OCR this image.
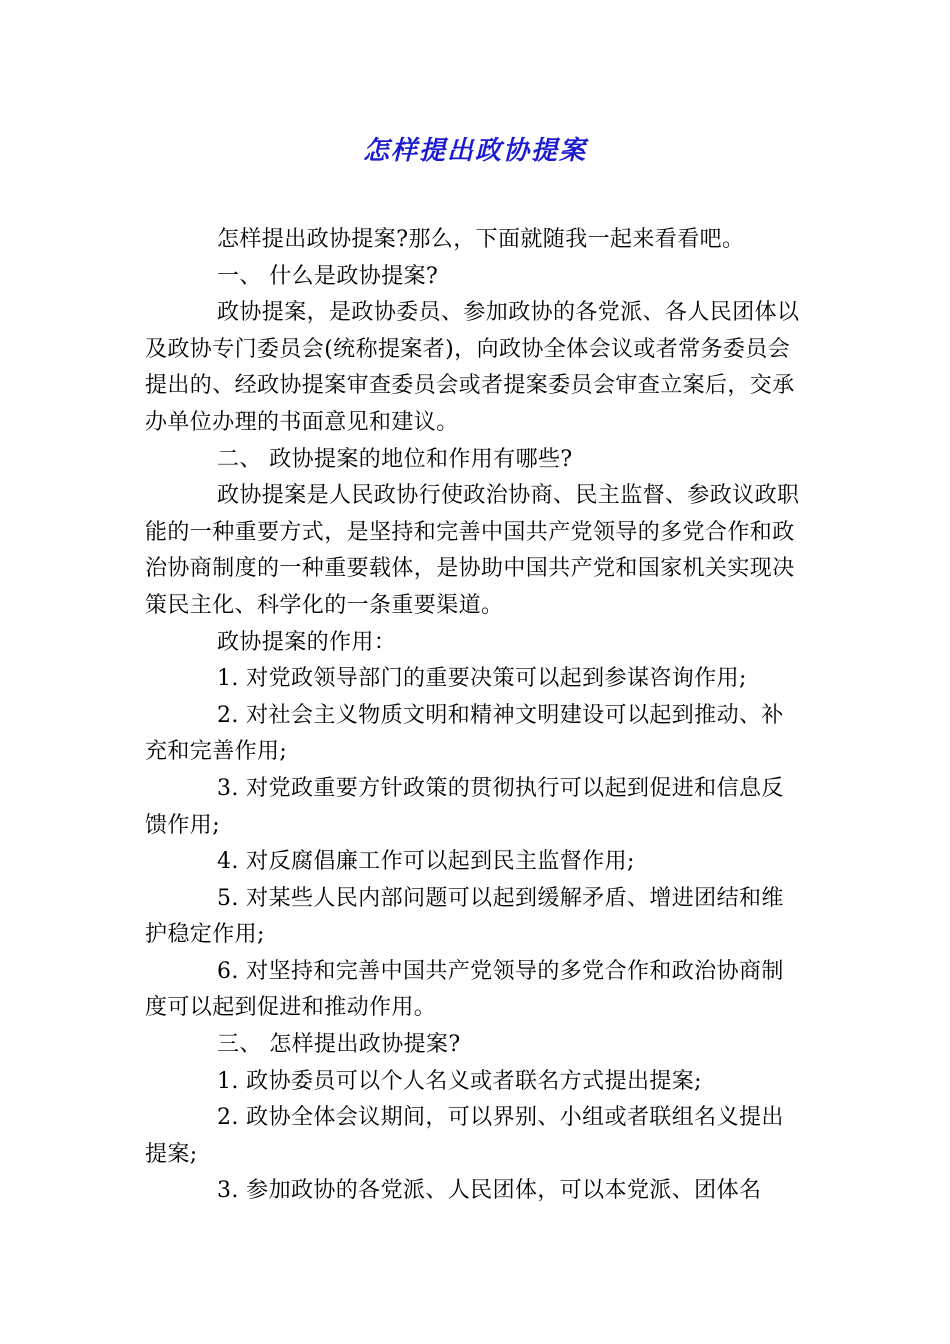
怎样提出政协提案

怎样提出政协提案?那么，下面就随我一起来看看吧。

一、 什么是政协提案?

政协提案，是政协委员、参加政协的各党派、各人民团体以及政协专门委员会(统称提案者)，向政协全体会议或者常务委员会提出的、经政协提案审查委员会或者提案委员会审查立案后，交承办单位办理的书面意见和建议。

二、 政协提案的地位和作用有哪些?

政协提案是人民政协行使政治协商、民主监督、参政议政职能的一种重要方式，是坚持和完善中国共产党领导的多党合作和政治协商制度的一种重要载体，是协助中国共产党和国家机关实现决策民主化、科学化的一条重要渠道。

政协提案的作用：

1. 对党政领导部门的重要决策可以起到参谋咨询作用;

2. 对社会主义物质文明和精神文明建设可以起到推动、补充和完善作用;

3. 对党政重要方针政策的贯彻执行可以起到促进和信息反馈作用;

4. 对反腐倡廉工作可以起到民主监督作用;

5. 对某些人民内部问题可以起到缓解矛盾、增进团结和维护稳定作用;

6. 对坚持和完善中国共产党领导的多党合作和政治协商制度可以起到促进和推动作用。

三、 怎样提出政协提案?

1. 政协委员可以个人名义或者联名方式提出提案;

2. 政协全体会议期间，可以界别、小组或者联组名义提出提案;

3. 参加政协的各党派、人民团体，可以本党派、团体名
